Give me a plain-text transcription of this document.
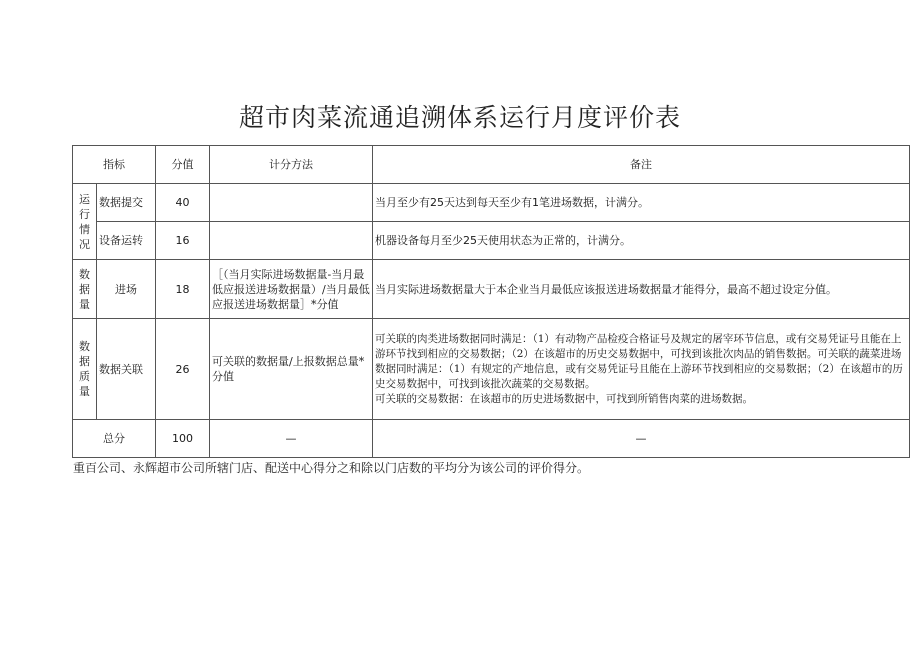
超市肉菜流通追溯体系运行月度评价表
指标		分值	计分方法	备注
运行情况	数据提交	40		当月至少有25天达到每天至少有1笔进场数据，计满分。
	设备运转	16		机器设备每月至少25天使用状态为正常的，计满分。
数据量	进场	18	［（当月实际进场数据量-当月最低应报送进场数据量）/当月最低应报送进场数据量］*分值	当月实际进场数据量大于本企业当月最低应该报送进场数据量才能得分，最高不超过设定分值。
数据质量	数据关联	26	可关联的数据量/上报数据总量*分值	可关联的肉类进场数据同时满足：（1）有动物产品检疫合格证号及规定的屠宰环节信息，或有交易凭证号且能在上游环节找到相应的交易数据；（2）在该超市的历史交易数据中，可找到该批次肉品的销售数据。可关联的蔬菜进场数据同时满足：（1）有规定的产地信息，或有交易凭证号且能在上游环节找到相应的交易数据；（2）在该超市的历史交易数据中，可找到该批次蔬菜的交易数据。
可关联的交易数据：在该超市的历史进场数据中，可找到所销售肉菜的进场数据。

总分		100	—	—
重百公司、永辉超市公司所辖门店、配送中心得分之和除以门店数的平均分为该公司的评价得分。
